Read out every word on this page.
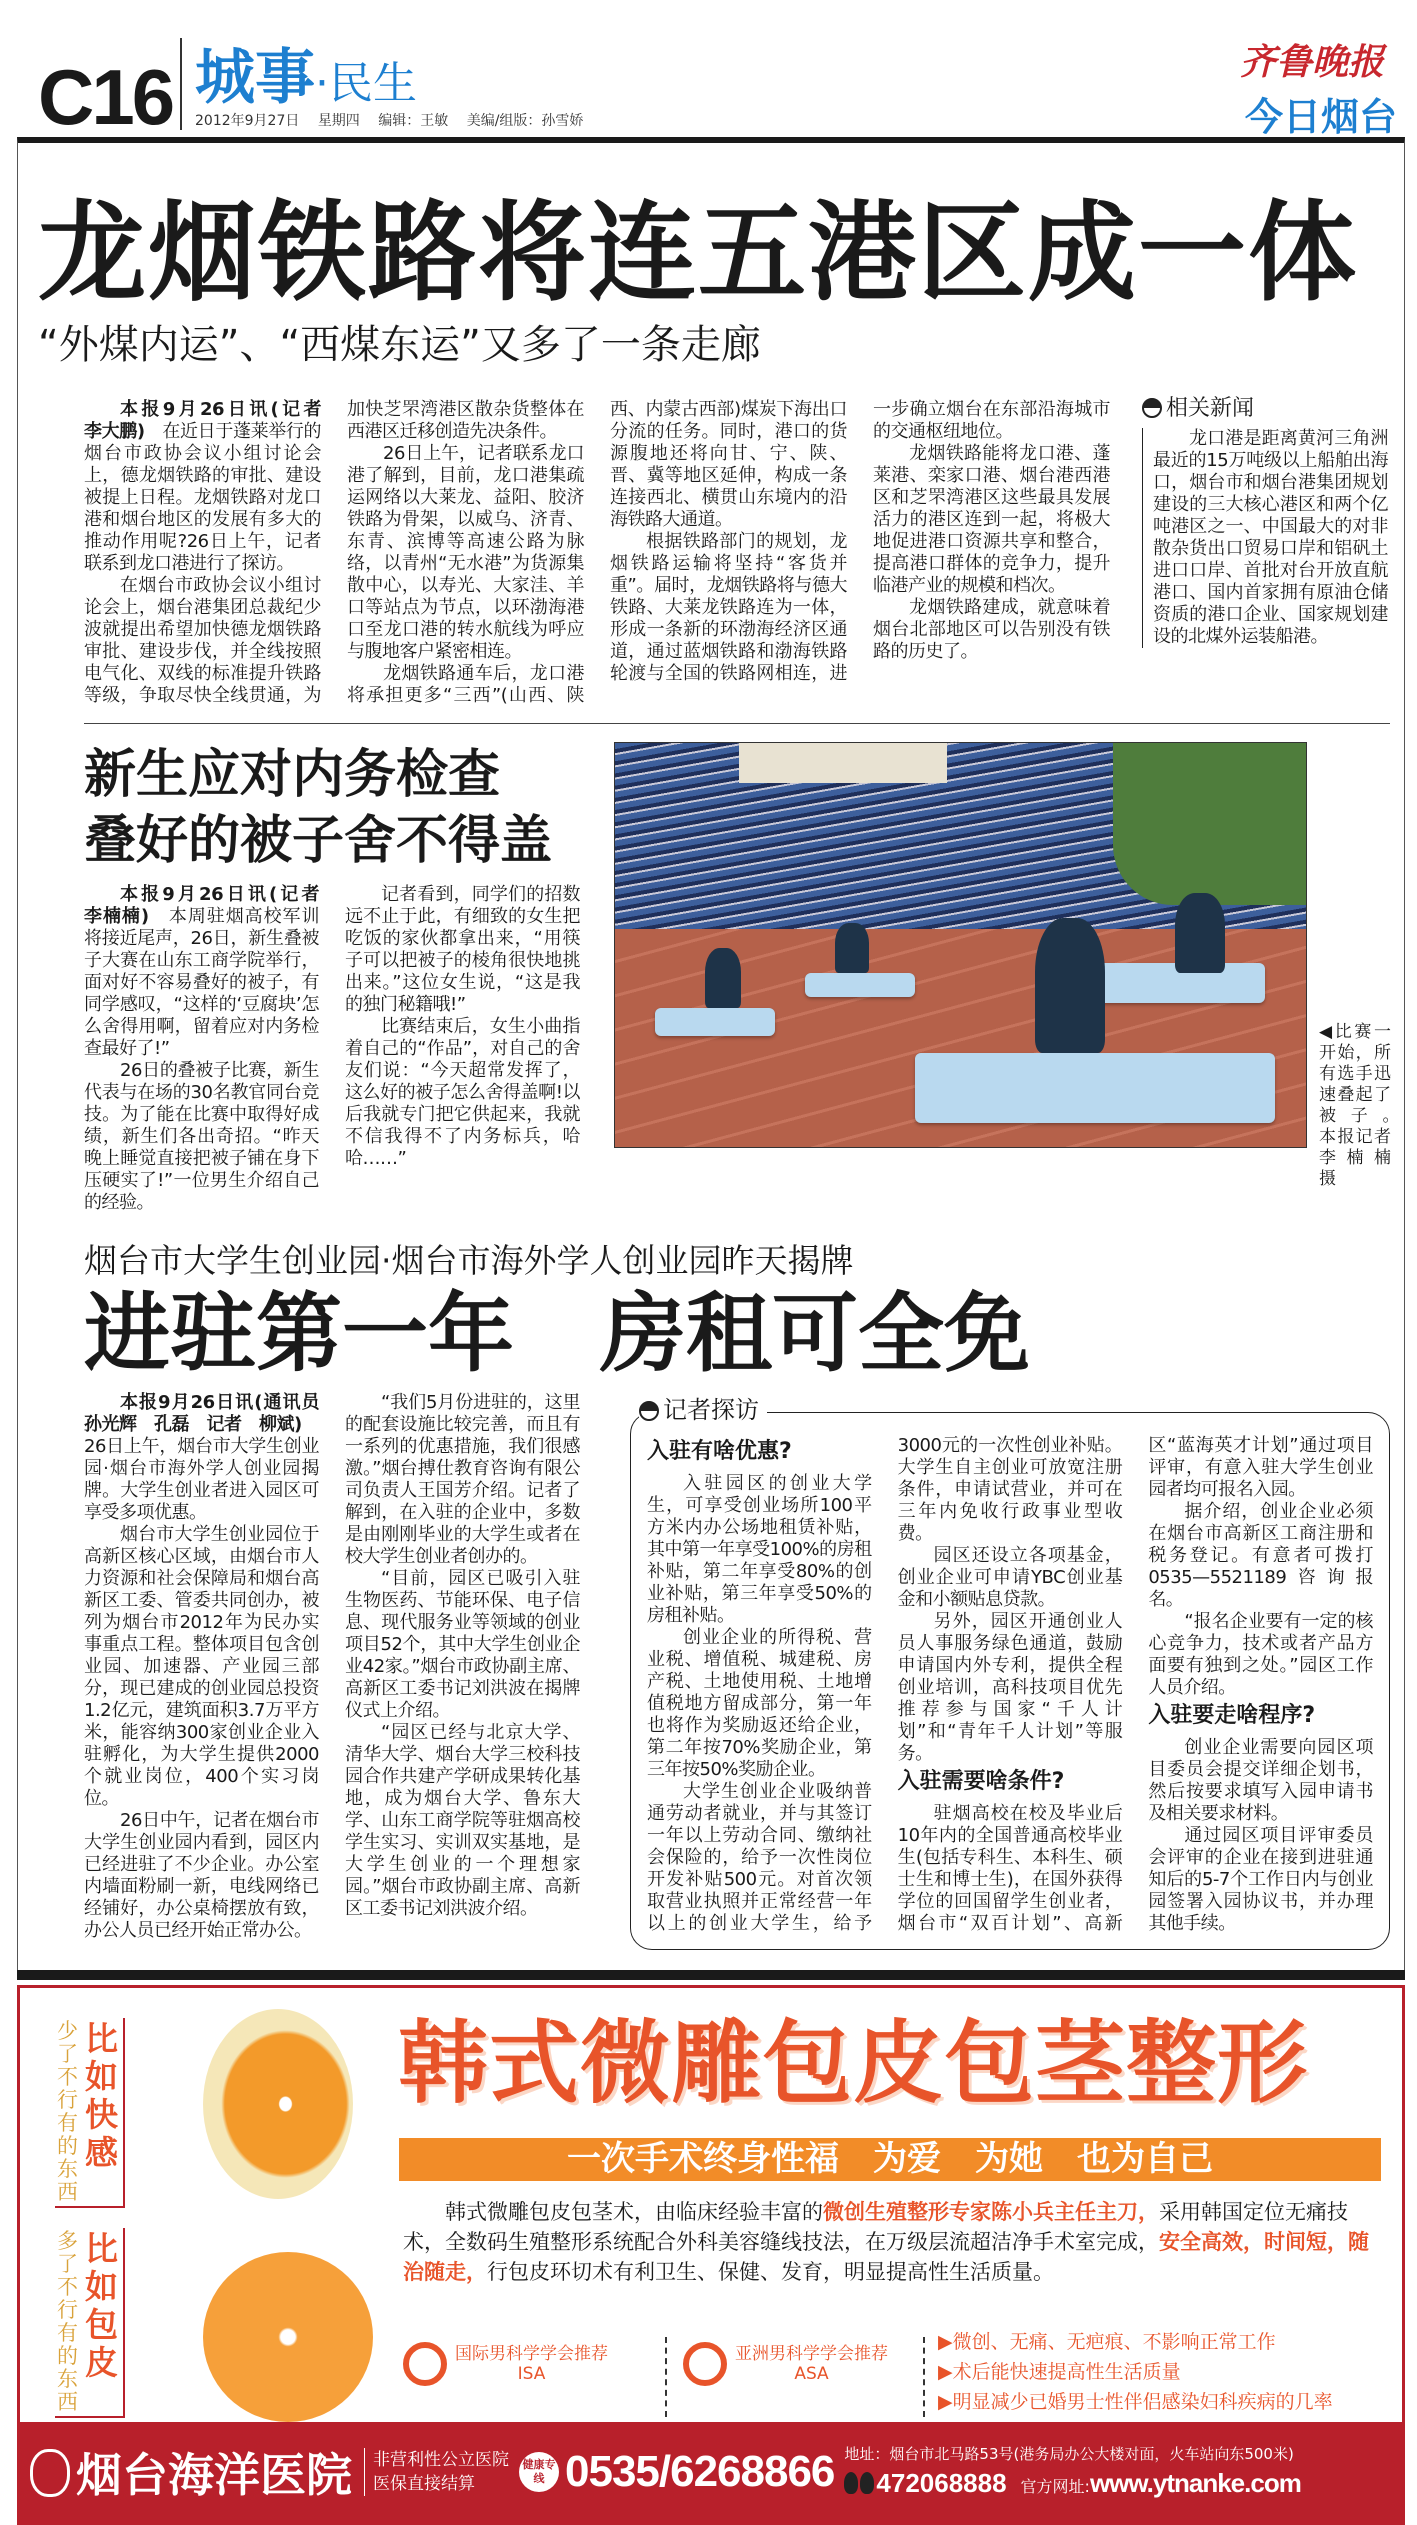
C16 城事·民生
2012年9月27日 星期四 编辑：王敏 美编/组版：孙雪娇
齐鲁晚报
今日烟台
龙烟铁路将连五港区成一体
“外煤内运”、“西煤东运”又多了一条走廊

本报9月26日讯(记者　李大鹏)　在近日于蓬莱举行的烟台市政协会议小组讨论会上，德龙烟铁路的审批、建设被提上日程。龙烟铁路对龙口港和烟台地区的发展有多大的推动作用呢?26日上午，记者联系到龙口港进行了探访。

在烟台市政协会议小组讨论会上，烟台港集团总裁纪少波就提出希望加快德龙烟铁路审批、建设步伐，并全线按照电气化、双线的标准提升铁路等级，争取尽快全线贯通，为加快芝罘湾港区散杂货整体在西港区迁移创造先决条件。

26日上午，记者联系龙口港了解到，目前，龙口港集疏运网络以大莱龙、益阳、胶济铁路为骨架，以威乌、济青、东青、滨博等高速公路为脉络，以青州“无水港”为货源集散中心，以寿光、大家洼、羊口等站点为节点，以环渤海港口至龙口港的转水航线为呼应与腹地客户紧密相连。

龙烟铁路通车后，龙口港将承担更多“三西”(山西、陕西、内蒙古西部)煤炭下海出口分流的任务。同时，港口的货源腹地还将向甘、宁、陕、晋、冀等地区延伸，构成一条连接西北、横贯山东境内的沿海铁路大通道。

根据铁路部门的规划，龙烟铁路运输将坚持“客货并重”。届时，龙烟铁路将与德大铁路、大莱龙铁路连为一体，形成一条新的环渤海经济区通道，通过蓝烟铁路和渤海铁路轮渡与全国的铁路网相连，进一步确立烟台在东部沿海城市的交通枢纽地位。

龙烟铁路能将龙口港、蓬莱港、栾家口港、烟台港西港区和芝罘湾港区这些最具发展活力的港区连到一起，将极大地促进港口资源共享和整合，提高港口群体的竞争力，提升临港产业的规模和档次。

龙烟铁路建成，就意味着烟台北部地区可以告别没有铁路的历史了。

相关新闻

龙口港是距离黄河三角洲最近的15万吨级以上船舶出海口，烟台市和烟台港集团规划建设的三大核心港区和两个亿吨港区之一、中国最大的对非散杂货出口贸易口岸和铝矾土进口口岸、首批对台开放直航港口、国内首家拥有原油仓储资质的港口企业、国家规划建设的北煤外运装船港。

新生应对内务检查
叠好的被子舍不得盖

本报9月26日讯(记者　李楠楠)　本周驻烟高校军训将接近尾声，26日，新生叠被子大赛在山东工商学院举行，面对好不容易叠好的被子，有同学感叹，“这样的‘豆腐块’怎么舍得用啊，留着应对内务检查最好了!”

26日的叠被子比赛，新生代表与在场的30名教官同台竞技。为了能在比赛中取得好成绩，新生们各出奇招。“昨天晚上睡觉直接把被子铺在身下压硬实了!”一位男生介绍自己的经验。

记者看到，同学们的招数远不止于此，有细致的女生把吃饭的家伙都拿出来，“用筷子可以把被子的棱角很快地挑出来。”这位女生说，“这是我的独门秘籍哦!”

比赛结束后，女生小曲指着自己的“作品”，对自己的舍友们说：“今天超常发挥了，这么好的被子怎么舍得盖啊!以后我就专门把它供起来，我就不信我得不了内务标兵，哈哈……”

◀比赛一开始，所有选手迅速叠起了被子。　本报记者　李楠楠　摄
烟台市大学生创业园·烟台市海外学人创业园昨天揭牌
进驻第一年　房租可全免

本报9月26日讯(通讯员　孙光辉　孔磊　记者　柳斌)　26日上午，烟台市大学生创业园·烟台市海外学人创业园揭牌。大学生创业者进入园区可享受多项优惠。

烟台市大学生创业园位于高新区核心区域，由烟台市人力资源和社会保障局和烟台高新区工委、管委共同创办，被列为烟台市2012年为民办实事重点工程。整体项目包含创业园、加速器、产业园三部分，现已建成的创业园总投资1.2亿元，建筑面积3.7万平方米，能容纳300家创业企业入驻孵化，为大学生提供2000个就业岗位，400个实习岗位。

26日中午，记者在烟台市大学生创业园内看到，园区内已经进驻了不少企业。办公室内墙面粉刷一新，电线网络已经铺好，办公桌椅摆放有致，办公人员已经开始正常办公。

“我们5月份进驻的，这里的配套设施比较完善，而且有一系列的优惠措施，我们很感激。”烟台搏仕教育咨询有限公司负责人王国芳介绍。记者了解到，在入驻的企业中，多数是由刚刚毕业的大学生或者在校大学生创业者创办的。

“目前，园区已吸引入驻生物医药、节能环保、电子信息、现代服务业等领域的创业项目52个，其中大学生创业企业42家。”烟台市政协副主席、高新区工委书记刘洪波在揭牌仪式上介绍。

“园区已经与北京大学、清华大学、烟台大学三校科技园合作共建产学研成果转化基地，成为烟台大学、鲁东大学、山东工商学院等驻烟高校学生实习、实训双实基地，是大学生创业的一个理想家园。”烟台市政协副主席、高新区工委书记刘洪波介绍。

记者探访
入驻有啥优惠?

入驻园区的创业大学生，可享受创业场所100平方米内办公场地租赁补贴，其中第一年享受100%的房租补贴，第二年享受80%的创业补贴，第三年享受50%的房租补贴。

创业企业的所得税、营业税、增值税、城建税、房产税、土地使用税、土地增值税地方留成部分，第一年也将作为奖励返还给企业，第二年按70%奖励企业，第三年按50%奖励企业。

大学生创业企业吸纳普通劳动者就业，并与其签订一年以上劳动合同、缴纳社会保险的，给予一次性岗位开发补贴500元。对首次领取营业执照并正常经营一年以上的创业大学生，给予3000元的一次性创业补贴。大学生自主创业可放宽注册条件，申请试营业，并可在三年内免收行政事业型收费。

园区还设立各项基金，创业企业可申请YBC创业基金和小额贴息贷款。

另外，园区开通创业人员人事服务绿色通道，鼓励申请国内外专利，提供全程创业培训，高科技项目优先推荐参与国家“千人计划”和“青年千人计划”等服务。

入驻需要啥条件?

驻烟高校在校及毕业后10年内的全国普通高校毕业生(包括专科生、本科生、硕士生和博士生)，在国外获得学位的回国留学生创业者，烟台市“双百计划”、高新区“蓝海英才计划”通过项目评审，有意入驻大学生创业园者均可报名入园。

据介绍，创业企业必须在烟台市高新区工商注册和税务登记。有意者可拨打0535—5521189咨询报名。

“报名企业要有一定的核心竞争力，技术或者产品方面要有独到之处。”园区工作人员介绍。

入驻要走啥程序?

创业企业需要向园区项目委员会提交详细企划书，然后按要求填写入园申请书及相关要求材料。

通过园区项目评审委员会评审的企业在接到进驻通知后的5-7个工作日内与创业园签署入园协议书，并办理其他手续。

少了不行有的东西比如快感
多了不行有的东西比如包皮
韩式微雕包皮包茎整形
一次手术终身性福　为爱　为她　也为自己
韩式微雕包皮包茎术，由临床经验丰富的微创生殖整形专家陈小兵主任主刀，采用韩国定位无痛技术，全数码生殖整形系统配合外科美容缝线技法，在万级层流超洁净手术室完成，安全高效，时间短，随治随走，行包皮环切术有利卫生、保健、发育，明显提高性生活质量。
国际男科学学会推荐
ISA
亚洲男科学学会推荐
ASA
▶ 微创、无痛、无疤痕、不影响正常工作
▶ 术后能快速提高性生活质量
▶ 明显减少已婚男士性伴侣感染妇科疾病的几率
烟台海洋医院 非营利性公立医院
医保直接结算
健康专线 0535/6268866 地址：烟台市北马路53号(港务局办公大楼对面，火车站向东500米)
472068888 官方网址:www.ytnanke.com
